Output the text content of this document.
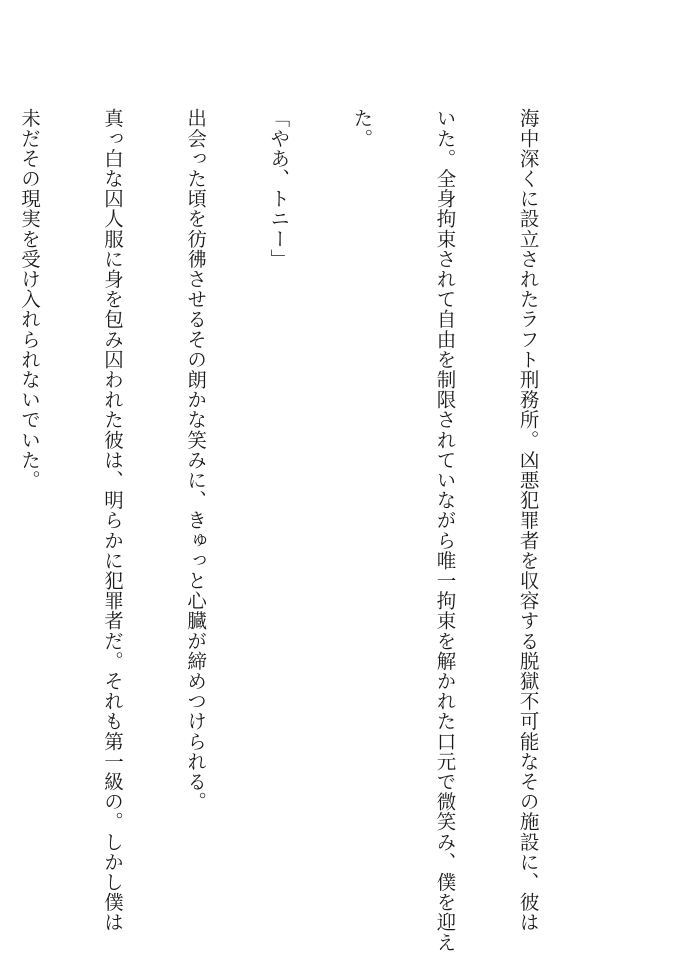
海中深くに設立されたラフト刑務所。凶悪犯罪者を収容する脱獄不可能なその施設に、彼は

いた。全身拘束されて自由を制限されていながら唯一拘束を解かれた口元で微笑み、僕を迎え

た。

「やあ、トニー」

出会った頃を彷彿させるその朗かな笑みに、きゅっと心臓が締めつけられる。

真っ白な囚人服に身を包み囚われた彼は、明らかに犯罪者だ。それも第一級の。しかし僕は

未だその現実を受け入れられないでいた。
